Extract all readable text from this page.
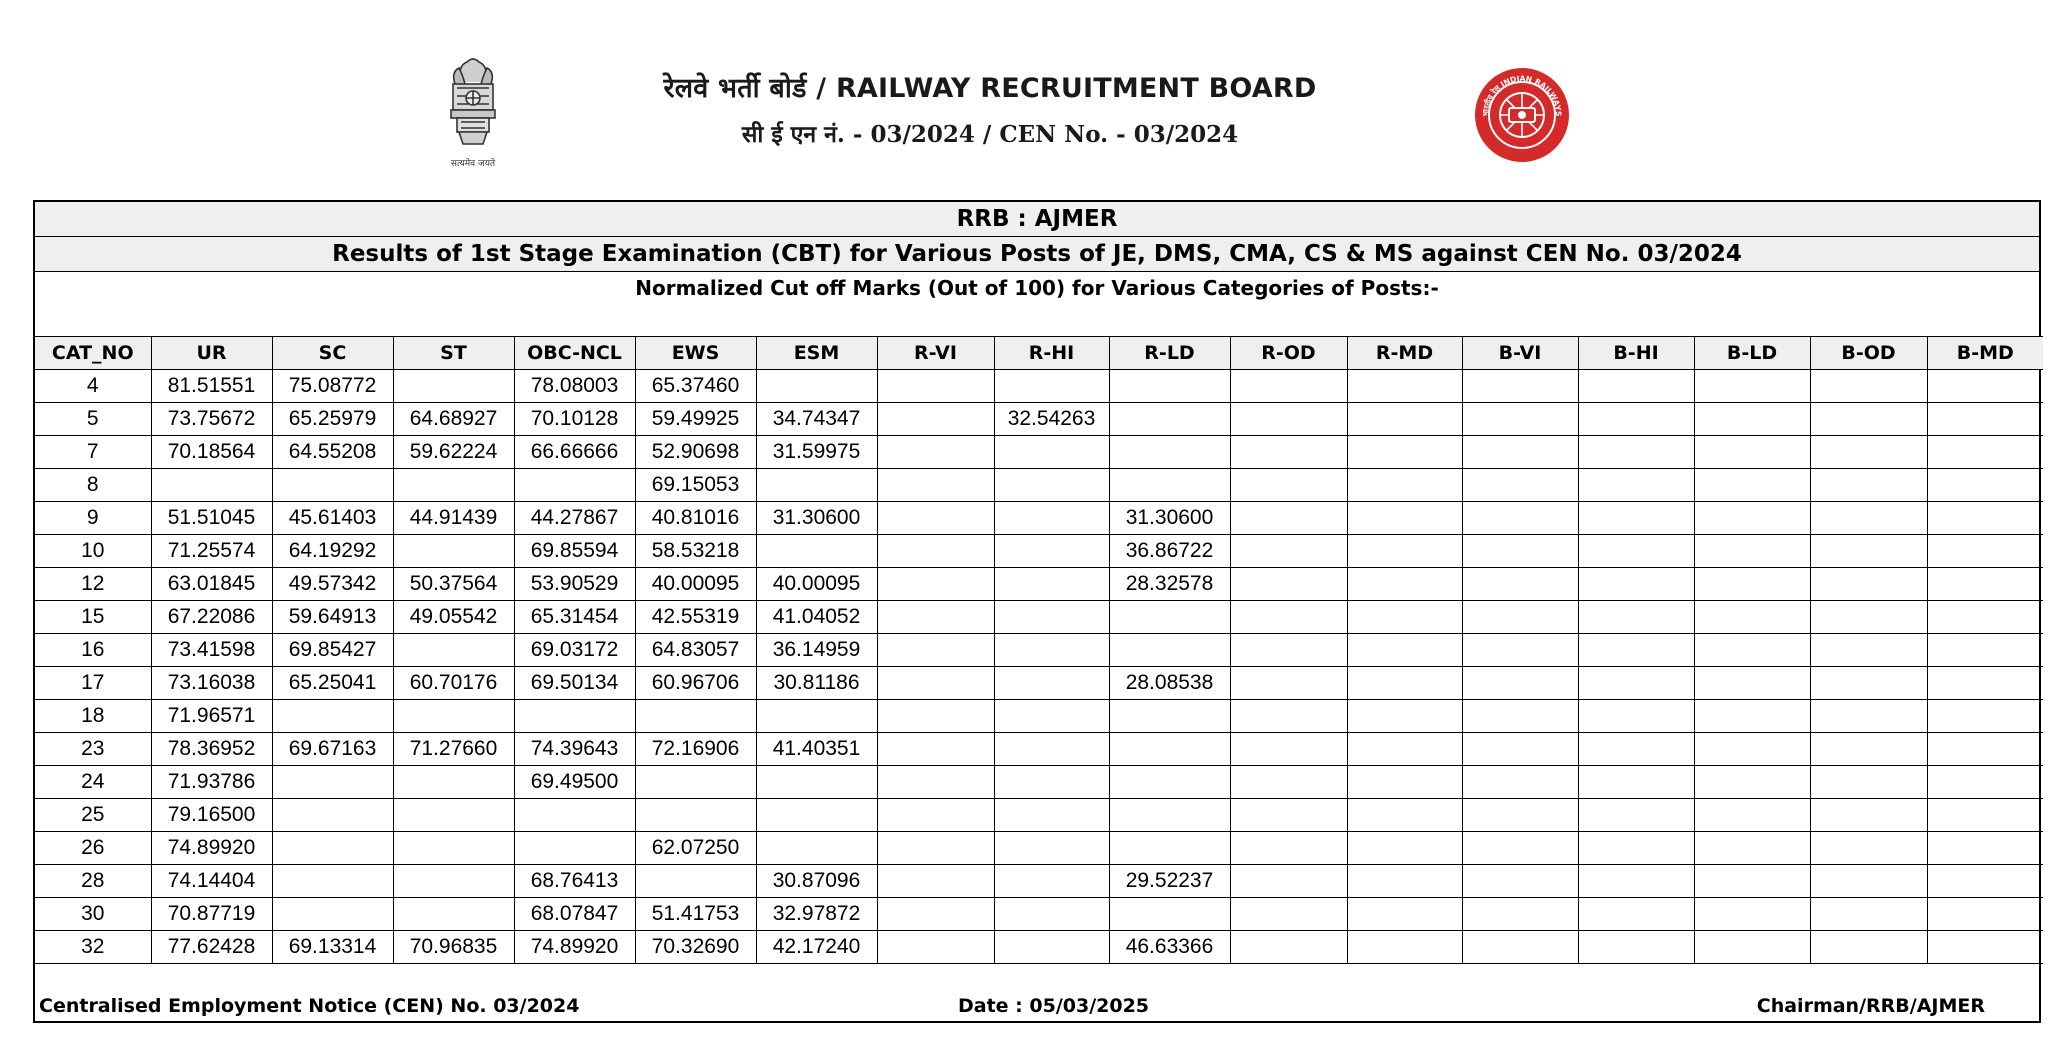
सत्यमेव जयते
रेलवे भर्ती बोर्ड / RAILWAY RECRUITMENT BOARD
सी ई एन नं. - 03/2024 / CEN No. - 03/2024
भारतीय रेल INDIAN RAILWAYS
RRB : AJMER
Results of 1st Stage Examination (CBT) for Various Posts of JE, DMS, CMA, CS & MS against CEN No. 03/2024
Normalized Cut off Marks (Out of 100) for Various Categories of Posts:-
CAT_NO	UR	SC	ST	OBC-NCL	EWS	ESM	R-VI	R-HI	R-LD	R-OD	R-MD	B-VI	B-HI	B-LD	B-OD	B-MD
4	81.51551	75.08772		78.08003	65.37460											
5	73.75672	65.25979	64.68927	70.10128	59.49925	34.74347		32.54263								
7	70.18564	64.55208	59.62224	66.66666	52.90698	31.59975										
8					69.15053											
9	51.51045	45.61403	44.91439	44.27867	40.81016	31.30600			31.30600							
10	71.25574	64.19292		69.85594	58.53218				36.86722							
12	63.01845	49.57342	50.37564	53.90529	40.00095	40.00095			28.32578							
15	67.22086	59.64913	49.05542	65.31454	42.55319	41.04052										
16	73.41598	69.85427		69.03172	64.83057	36.14959										
17	73.16038	65.25041	60.70176	69.50134	60.96706	30.81186			28.08538							
18	71.96571															
23	78.36952	69.67163	71.27660	74.39643	72.16906	41.40351										
24	71.93786			69.49500												
25	79.16500															
26	74.89920				62.07250											
28	74.14404			68.76413		30.87096			29.52237							
30	70.87719			68.07847	51.41753	32.97872										
32	77.62428	69.13314	70.96835	74.89920	70.32690	42.17240			46.63366							
Centralised Employment Notice (CEN) No. 03/2024	Date : 05/03/2025	Chairman/RRB/AJMER
